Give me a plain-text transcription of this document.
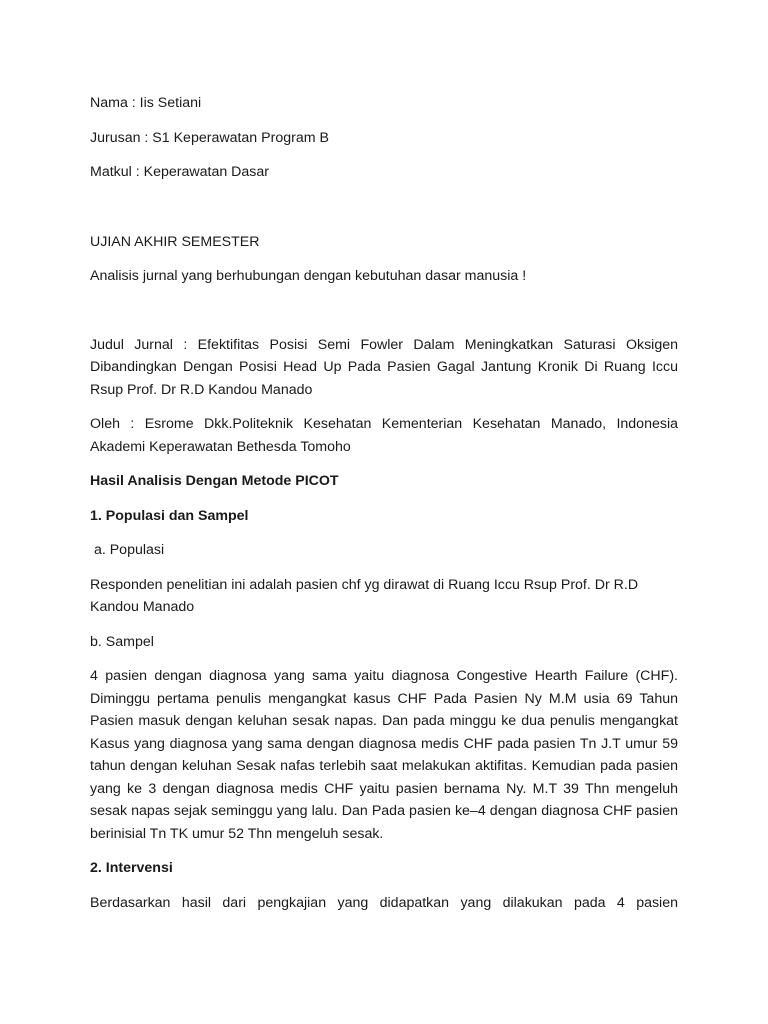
Nama : Iis Setiani

Jurusan : S1 Keperawatan Program B

Matkul : Keperawatan Dasar

UJIAN AKHIR SEMESTER

Analisis jurnal yang berhubungan dengan kebutuhan dasar manusia !

Judul Jurnal : Efektifitas Posisi Semi Fowler Dalam Meningkatkan Saturasi Oksigen Dibandingkan Dengan Posisi Head Up Pada Pasien Gagal Jantung Kronik Di Ruang Iccu Rsup Prof. Dr R.D Kandou Manado

Oleh : Esrome Dkk.Politeknik Kesehatan Kementerian Kesehatan Manado, Indonesia Akademi Keperawatan Bethesda Tomoho

Hasil Analisis Dengan Metode PICOT

1. Populasi dan Sampel

a. Populasi

Responden penelitian ini adalah pasien chf yg dirawat di Ruang Iccu Rsup Prof. Dr R.D Kandou Manado

b. Sampel

4 pasien dengan diagnosa yang sama yaitu diagnosa Congestive Hearth Failure (CHF). Diminggu pertama penulis mengangkat kasus CHF Pada Pasien Ny M.M usia 69 Tahun Pasien masuk dengan keluhan sesak napas. Dan pada minggu ke dua penulis mengangkat Kasus yang diagnosa yang sama dengan diagnosa medis CHF pada pasien Tn J.T umur 59 tahun dengan keluhan Sesak nafas terlebih saat melakukan aktifitas. Kemudian pada pasien yang ke 3 dengan diagnosa medis CHF yaitu pasien bernama Ny. M.T 39 Thn mengeluh sesak napas sejak seminggu yang lalu. Dan Pada pasien ke–4 dengan diagnosa CHF pasien berinisial Tn TK umur 52 Thn mengeluh sesak.

2. Intervensi

Berdasarkan hasil dari pengkajian yang didapatkan yang dilakukan pada 4 pasien
